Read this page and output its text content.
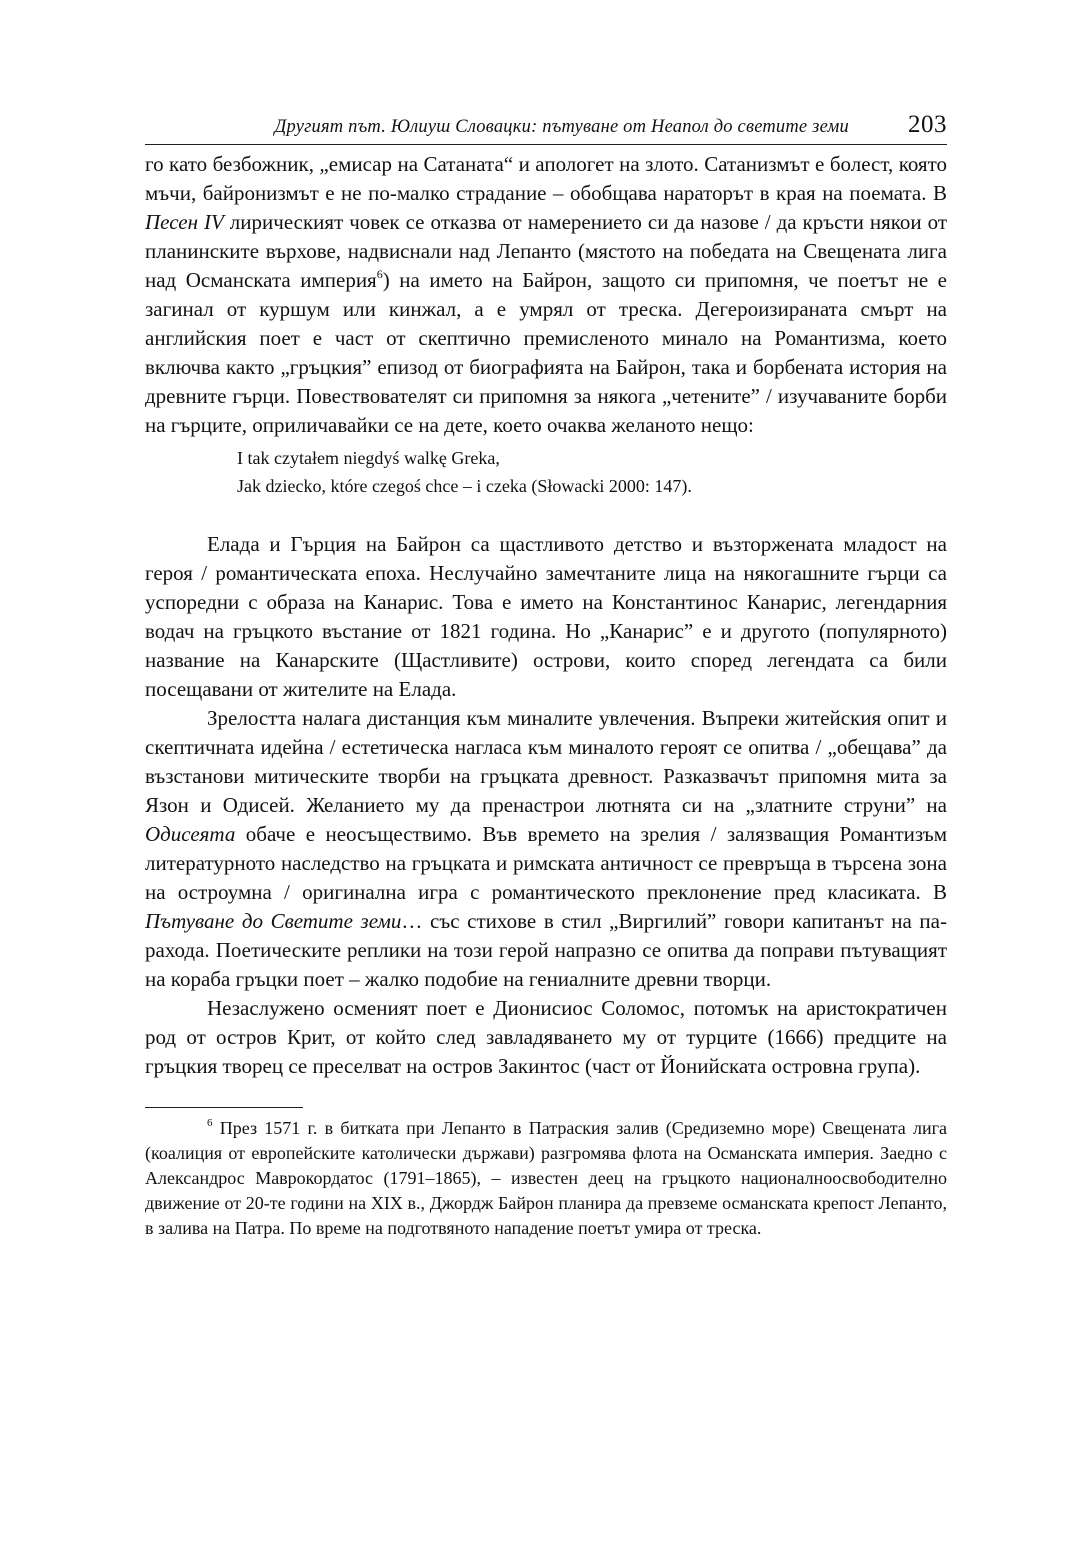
Другият път. Юлиуш Словацки: пътуване от Неапол до светите земи 203

го като безбожник, „емисар на Сатаната“ и апологет на злото. Сатанизмът е болест, която мъчи, байронизмът е не по-малко страдание – обобщава нараторът в края на поемата. В Песен IV лирическият човек се отказва от намерението си да назове / да кръсти някои от планинските върхове, надвиснали над Лепанто (мястото на победата на Свещената лига над Османската империя$^6$) на името на Байрон, защото си припомня, че поетът не е загинал от куршум или кинжал, а е умрял от треска. Дегероизираната смърт на английския поет е част от скептично премисленото минало на Романтизма, което включва както „гръцкия” епизод от биографията на Байрон, така и борбената история на древните гърци. Повествователят си припомня за някога „четените” / изучаваните борби на гърците, оприличавайки се на дете, което очаква желаното нещо:

I tak czytałem niegdyś walkę Greka,
Jak dziecko, które czegoś chce – i czeka (Słowacki 2000: 147).

Елада и Гърция на Байрон са щастливото детство и възторжената младост на героя / романтическата епоха. Неслучайно замечтаните лица на някогашните гърци са успоредни с образа на Канарис. Това е името на Константинос Канарис, легендарния водач на гръцкото въстание от 1821 година. Но „Канарис” е и другото (популярното) название на Канарските (Щастливите) острови, които според легендата са били посещавани от жителите на Елада.

Зрелостта налага дистанция към миналите увлечения. Въпреки житейския опит и скептичната идейна / естетическа нагласа към миналото героят се опитва / „обещава” да възстанови митическите творби на гръцката древност. Разказвачът припомня мита за Язон и Одисей. Желанието му да пренастрои лютнята си на „златните струни” на Одисеята обаче е неосъществимо. Във времето на зрелия / залязващия Романтизъм литературното наследство на гръцката и римската античност се превръща в търсена зона на остроумна / оригинална игра с романтическото преклонение пред класиката. В Пътуване до Светите земи… със стихове в стил „Виргилий” говори капитанът на парахода. Поетическите реплики на този герой напразно се опитва да поправи пътуващият на кораба гръцки поет – жалко подобие на гениалните древни творци.

Незаслужено осменият поет е Дионисиос Соломос, потомък на аристократичен род от остров Крит, от който след завладяването му от турците (1666) предците на гръцкия творец се преселват на остров Закинтос (част от Йонийската островна група).

$^6$ През 1571 г. в битката при Лепанто в Патраския залив (Средиземно море) Свещената лига (коалиция от европейските католически държави) разгромява флота на Османската империя. Заедно с Александрос Маврокордатос (1791–1865), – известен деец на гръцкото националноосвободително движение от 20-те години на XIX в., Джордж Байрон планира да превземе османската крепост Лепанто, в залива на Патра. По време на подготвяното нападение поетът умира от треска.
